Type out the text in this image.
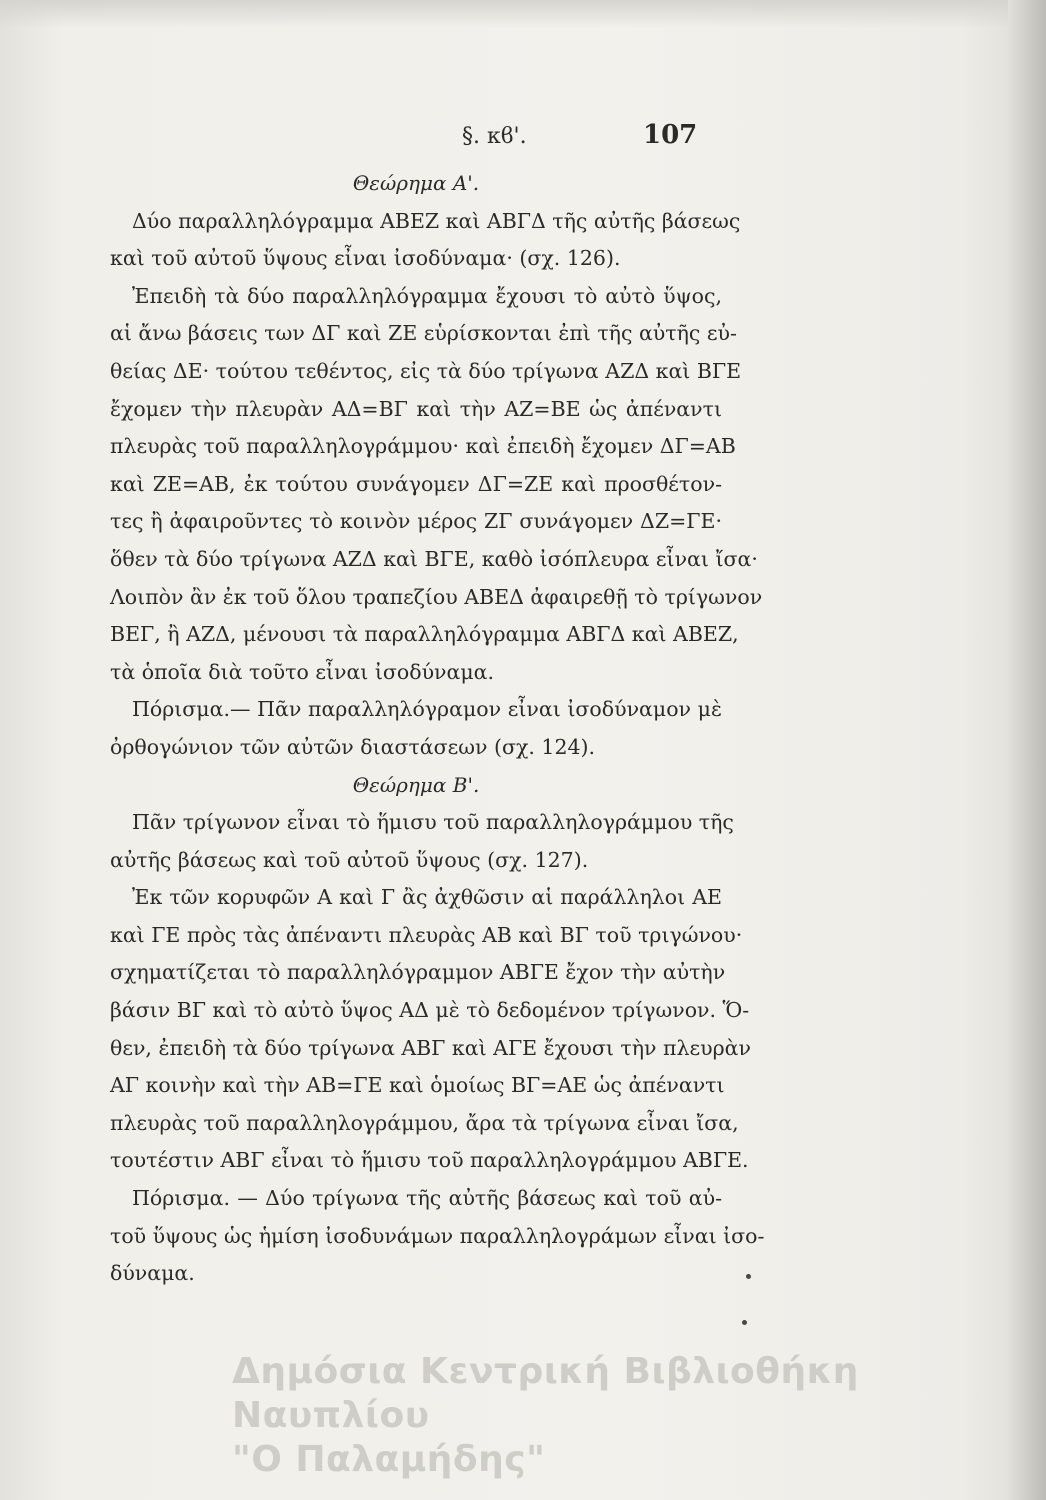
§. κϐ'.	107
Θεώρημα Α'.
Δύο παραλληλόγραμμα ΑΒΕΖ καὶ ΑΒΓΔ τῆς αὐτῆς βάσεως
καὶ τοῦ αὐτοῦ ὕψους εἶναι ἰσοδύναμα· (σχ. 126).
Ἐπειδὴ τὰ δύο παραλληλόγραμμα ἔχουσι τὸ αὐτὸ ὕψος,
αἱ ἄνω βάσεις των ΔΓ καὶ ΖΕ εὑρίσκονται ἐπὶ τῆς αὐτῆς εὐ-
θείας ΔΕ· τούτου τεθέντος, εἰς τὰ δύο τρίγωνα ΑΖΔ καὶ ΒΓΕ
ἔχομεν τὴν πλευρὰν ΑΔ=ΒΓ καὶ τὴν ΑΖ=ΒΕ ὡς ἀπέναντι
πλευρὰς τοῦ παραλληλογράμμου· καὶ ἐπειδὴ ἔχομεν ΔΓ=ΑΒ
καὶ ΖΕ=ΑΒ, ἐκ τούτου συνάγομεν ΔΓ=ΖΕ καὶ προσθέτον-
τες ἢ ἀφαιροῦντες τὸ κοινὸν μέρος ΖΓ συνάγομεν ΔΖ=ΓΕ·
ὅθεν τὰ δύο τρίγωνα ΑΖΔ καὶ ΒΓΕ, καθὸ ἰσόπλευρα εἶναι ἴσα·
Λοιπὸν ἂν ἐκ τοῦ ὅλου τραπεζίου ΑΒΕΔ ἀφαιρεθῇ τὸ τρίγωνον
ΒΕΓ, ἢ ΑΖΔ, μένουσι τὰ παραλληλόγραμμα ΑΒΓΔ καὶ ΑΒΕΖ,
τὰ ὁποῖα διὰ τοῦτο εἶναι ἰσοδύναμα.
Πόρισμα.— Πᾶν παραλληλόγραμον εἶναι ἰσοδύναμον μὲ
ὀρθογώνιον τῶν αὐτῶν διαστάσεων (σχ. 124).
Θεώρημα Β'.
Πᾶν τρίγωνον εἶναι τὸ ἥμισυ τοῦ παραλληλογράμμου τῆς
αὐτῆς βάσεως καὶ τοῦ αὐτοῦ ὕψους (σχ. 127).
Ἐκ τῶν κορυφῶν Α καὶ Γ ἂς ἀχθῶσιν αἱ παράλληλοι ΑΕ
καὶ ΓΕ πρὸς τὰς ἀπέναντι πλευρὰς ΑΒ καὶ ΒΓ τοῦ τριγώνου·
σχηματίζεται τὸ παραλληλόγραμμον ΑΒΓΕ ἔχον τὴν αὐτὴν
βάσιν ΒΓ καὶ τὸ αὐτὸ ὕψος ΑΔ μὲ τὸ δεδομένον τρίγωνον. Ὅ-
θεν, ἐπειδὴ τὰ δύο τρίγωνα ΑΒΓ καὶ ΑΓΕ ἔχουσι τὴν πλευρὰν
ΑΓ κοινὴν καὶ τὴν ΑΒ=ΓΕ καὶ ὁμοίως ΒΓ=ΑΕ ὡς ἀπέναντι
πλευρὰς τοῦ παραλληλογράμμου, ἄρα τὰ τρίγωνα εἶναι ἴσα,
τουτέστιν ΑΒΓ εἶναι τὸ ἥμισυ τοῦ παραλληλογράμμου ΑΒΓΕ.
Πόρισμα. — Δύο τρίγωνα τῆς αὐτῆς βάσεως καὶ τοῦ αὐ-
τοῦ ὕψους ὡς ἡμίση ἰσοδυνάμων παραλληλογράμων εἶναι ἰσο-
δύναμα.
Δημόσια Κεντρική Βιβλιοθήκη Ναυπλίου
"Ο Παλαμήδης"
